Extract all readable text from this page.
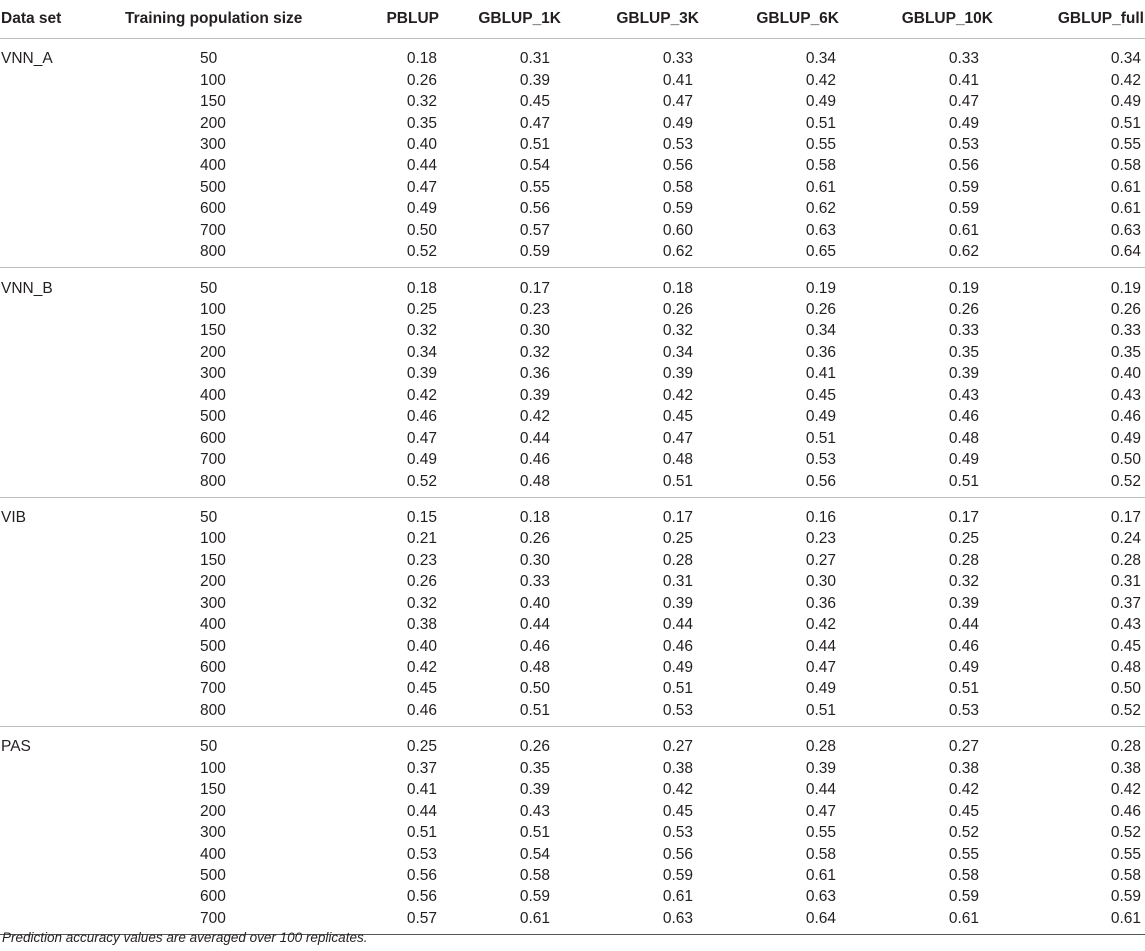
Data set	Training population size	PBLUP	GBLUP_1K	GBLUP_3K	GBLUP_6K	GBLUP_10K	GBLUP_full
VNN_A	50	0.18	0.31	0.33	0.34	0.33	0.34
	100	0.26	0.39	0.41	0.42	0.41	0.42
	150	0.32	0.45	0.47	0.49	0.47	0.49
	200	0.35	0.47	0.49	0.51	0.49	0.51
	300	0.40	0.51	0.53	0.55	0.53	0.55
	400	0.44	0.54	0.56	0.58	0.56	0.58
	500	0.47	0.55	0.58	0.61	0.59	0.61
	600	0.49	0.56	0.59	0.62	0.59	0.61
	700	0.50	0.57	0.60	0.63	0.61	0.63
	800	0.52	0.59	0.62	0.65	0.62	0.64
VNN_B	50	0.18	0.17	0.18	0.19	0.19	0.19
	100	0.25	0.23	0.26	0.26	0.26	0.26
	150	0.32	0.30	0.32	0.34	0.33	0.33
	200	0.34	0.32	0.34	0.36	0.35	0.35
	300	0.39	0.36	0.39	0.41	0.39	0.40
	400	0.42	0.39	0.42	0.45	0.43	0.43
	500	0.46	0.42	0.45	0.49	0.46	0.46
	600	0.47	0.44	0.47	0.51	0.48	0.49
	700	0.49	0.46	0.48	0.53	0.49	0.50
	800	0.52	0.48	0.51	0.56	0.51	0.52
VIB	50	0.15	0.18	0.17	0.16	0.17	0.17
	100	0.21	0.26	0.25	0.23	0.25	0.24
	150	0.23	0.30	0.28	0.27	0.28	0.28
	200	0.26	0.33	0.31	0.30	0.32	0.31
	300	0.32	0.40	0.39	0.36	0.39	0.37
	400	0.38	0.44	0.44	0.42	0.44	0.43
	500	0.40	0.46	0.46	0.44	0.46	0.45
	600	0.42	0.48	0.49	0.47	0.49	0.48
	700	0.45	0.50	0.51	0.49	0.51	0.50
	800	0.46	0.51	0.53	0.51	0.53	0.52
PAS	50	0.25	0.26	0.27	0.28	0.27	0.28
	100	0.37	0.35	0.38	0.39	0.38	0.38
	150	0.41	0.39	0.42	0.44	0.42	0.42
	200	0.44	0.43	0.45	0.47	0.45	0.46
	300	0.51	0.51	0.53	0.55	0.52	0.52
	400	0.53	0.54	0.56	0.58	0.55	0.55
	500	0.56	0.58	0.59	0.61	0.58	0.58
	600	0.56	0.59	0.61	0.63	0.59	0.59
	700	0.57	0.61	0.63	0.64	0.61	0.61
Prediction accuracy values are averaged over 100 replicates.
